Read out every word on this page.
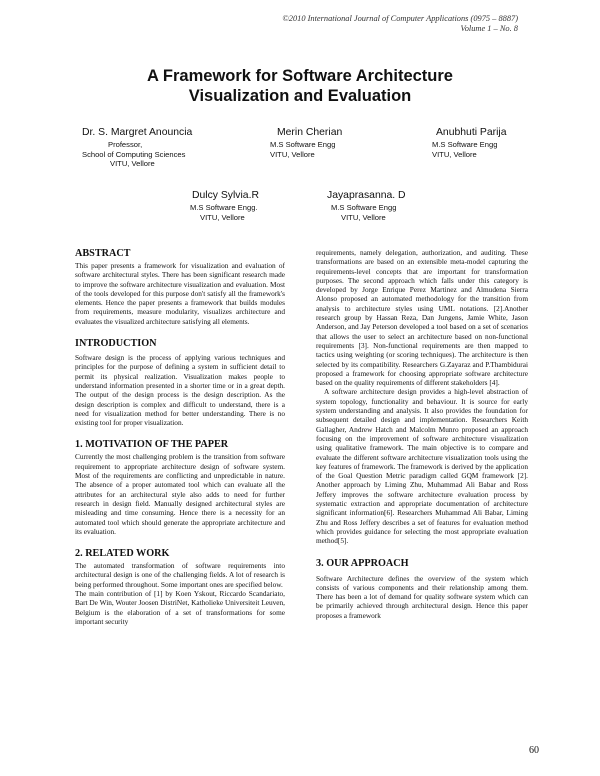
©2010 International Journal of Computer Applications (0975 – 8887)
Volume 1 – No. 8
A Framework for Software Architecture
Visualization and Evaluation
Dr. S. Margret Anouncia
Professor,
School of Computing Sciences
VITU, Vellore
Merin Cherian
M.S Software Engg
VITU, Vellore
Anubhuti Parija
M.S Software Engg
VITU, Vellore
Dulcy Sylvia.R
M.S Software Engg.
VITU, Vellore
Jayaprasanna. D
M.S Software Engg
VITU, Vellore
ABSTRACT

This paper presents a framework for visualization and evaluation of software architectural styles. There has been significant research made to improve the software architecture visualization and evaluation. Most of the tools developed for this purpose don't satisfy all the framework's elements. Hence the paper presents a framework that builds modules from requirements, measure modularity, visualizes architecture and evaluates the visualized architecture satisfying all elements.

INTRODUCTION

Software design is the process of applying various techniques and principles for the purpose of defining a system in sufficient detail to permit its physical realization. Visualization makes people to understand information presented in a shorter time or in a great depth. The output of the design process is the design description. As the design description is complex and difficult to understand, there is a need for visualization method for better understanding. There is no existing tool for proper visualization.

1. MOTIVATION OF THE PAPER

Currently the most challenging problem is the transition from software requirement to appropriate architecture design of software system. Most of the requirements are conflicting and unpredictable in nature. The absence of a proper automated tool which can evaluate all the attributes for an architectural style also adds to need for further research in design field. Manually designed architectural styles are misleading and time consuming. Hence there is a necessity for an automated tool which should generate the appropriate architecture and its evaluation.

2. RELATED WORK

The automated transformation of software requirements into architectural design is one of the challenging fields. A lot of research is being performed throughout. Some important ones are specified below.

The main contribution of [1] by Koen Yskout, Riccardo Scandariato, Bart De Win, Wouter Joosen DistriNet, Katholieke Universiteit Leuven, Belgium is the elaboration of a set of transformations for some important security

requirements, namely delegation, authorization, and auditing. These transformations are based on an extensible meta-model capturing the requirements-level concepts that are important for transformation purposes. The second approach which falls under this category is developed by Jorge Enrique Perez Martinez and Almudena Sierra Alonso proposed an automated methodology for the transition from analysis to architecture styles using UML notations. [2].Another research group by Hassan Reza, Dan Jungens, Jamie White, Jason Anderson, and Jay Peterson developed a tool based on a set of scenarios that allows the user to select an architecture based on non-functional requirements [3]. Non-functional requirements are then mapped to tactics using weighting (or scoring techniques). The architecture is then selected by its compatibility. Researchers G.Zayaraz and P.Thambidurai proposed a framework for choosing appropriate software architecture based on the quality requirements of different stakeholders [4].

A software architecture design provides a high-level abstraction of system topology, functionality and behaviour. It is source for early system understanding and analysis. It also provides the foundation for subsequent detailed design and implementation. Researchers Keith Gallagher, Andrew Hatch and Malcolm Munro proposed an approach focusing on the improvement of software architecture visualization using qualitative framework. The main objective is to compare and evaluate the different software architecture visualization tools using the key features of framework. The framework is derived by the application of the Goal Question Metric paradigm called GQM framework [2]. Another approach by Liming Zhu, Muhammad Ali Babar and Ross Jeffery improves the software architecture evaluation process by systematic extraction and appropriate documentation of architecture significant information[6]. Researchers Muhammad Ali Babar, Liming Zhu and Ross Jeffery describes a set of features for evaluation method which provides guidance for selecting the most appropriate evaluation method[5].

3. OUR APPROACH

Software Architecture defines the overview of the system which consists of various components and their relationship among them. There has been a lot of demand for quality software system which can be primarily achieved through architectural design. Hence this paper proposes a framework

60
